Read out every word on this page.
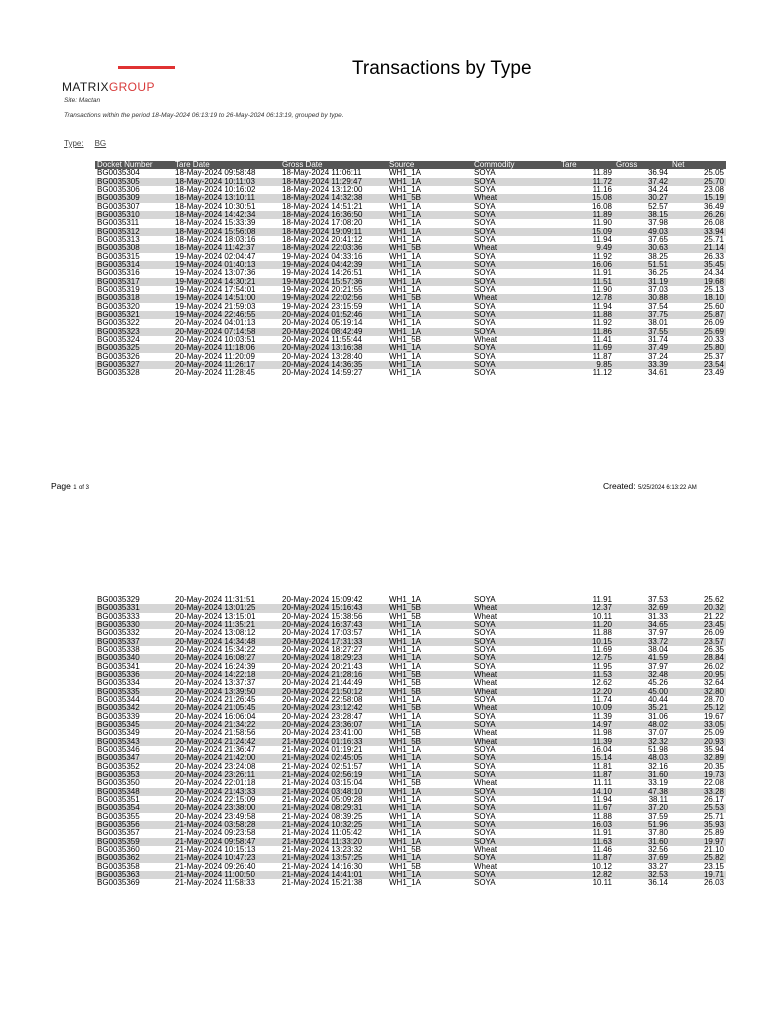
MATRIXGROUP
Transactions by Type
Site: Mactan
Transactions within the period 18-May-2024 06:13:19 to 26-May-2024 06:13:19, grouped by type.
Type: BG
Docket Number	Tare Date	Gross Date	Source	Commodity	Tare	Gross	Net
BG0035304	18-May-2024 09:58:48	18-May-2024 11:06:11	WH1_1A	SOYA	11.89	36.94	25.05
BG0035305	18-May-2024 10:11:03	18-May-2024 11:29:47	WH1_1A	SOYA	11.72	37.42	25.70
BG0035306	18-May-2024 10:16:02	18-May-2024 13:12:00	WH1_1A	SOYA	11.16	34.24	23.08
BG0035309	18-May-2024 13:10:11	18-May-2024 14:32:38	WH1_5B	Wheat	15.08	30.27	15.19
BG0035307	18-May-2024 10:30:51	18-May-2024 14:51:21	WH1_1A	SOYA	16.08	52.57	36.49
BG0035310	18-May-2024 14:42:34	18-May-2024 16:36:50	WH1_1A	SOYA	11.89	38.15	26.26
BG0035311	18-May-2024 15:33:39	18-May-2024 17:08:20	WH1_1A	SOYA	11.90	37.98	26.08
BG0035312	18-May-2024 15:56:08	18-May-2024 19:09:11	WH1_1A	SOYA	15.09	49.03	33.94
BG0035313	18-May-2024 18:03:16	18-May-2024 20:41:12	WH1_1A	SOYA	11.94	37.65	25.71
BG0035308	18-May-2024 11:42:37	18-May-2024 22:03:36	WH1_5B	Wheat	9.49	30.63	21.14
BG0035315	19-May-2024 02:04:47	19-May-2024 04:33:16	WH1_1A	SOYA	11.92	38.25	26.33
BG0035314	19-May-2024 01:40:13	19-May-2024 04:42:39	WH1_1A	SOYA	16.06	51.51	35.45
BG0035316	19-May-2024 13:07:36	19-May-2024 14:26:51	WH1_1A	SOYA	11.91	36.25	24.34
BG0035317	19-May-2024 14:30:21	19-May-2024 15:57:36	WH1_1A	SOYA	11.51	31.19	19.68
BG0035319	19-May-2024 17:54:01	19-May-2024 20:21:55	WH1_1A	SOYA	11.90	37.03	25.13
BG0035318	19-May-2024 14:51:00	19-May-2024 22:02:56	WH1_5B	Wheat	12.78	30.88	18.10
BG0035320	19-May-2024 21:59:03	19-May-2024 23:15:59	WH1_1A	SOYA	11.94	37.54	25.60
BG0035321	19-May-2024 22:46:55	20-May-2024 01:52:46	WH1_1A	SOYA	11.88	37.75	25.87
BG0035322	20-May-2024 04:01:13	20-May-2024 05:19:14	WH1_1A	SOYA	11.92	38.01	26.09
BG0035323	20-May-2024 07:14:58	20-May-2024 08:42:49	WH1_1A	SOYA	11.86	37.55	25.69
BG0035324	20-May-2024 10:03:51	20-May-2024 11:55:44	WH1_5B	Wheat	11.41	31.74	20.33
BG0035325	20-May-2024 11:18:06	20-May-2024 13:16:38	WH1_1A	SOYA	11.69	37.49	25.80
BG0035326	20-May-2024 11:20:09	20-May-2024 13:28:40	WH1_1A	SOYA	11.87	37.24	25.37
BG0035327	20-May-2024 11:26:17	20-May-2024 14:36:35	WH1_1A	SOYA	9.85	33.39	23.54
BG0035328	20-May-2024 11:28:45	20-May-2024 14:59:27	WH1_1A	SOYA	11.12	34.61	23.49
Page 1 of 3	Created: 5/25/2024 6:13:22 AM
BG0035329	20-May-2024 11:31:51	20-May-2024 15:09:42	WH1_1A	SOYA	11.91	37.53	25.62
BG0035331	20-May-2024 13:01:25	20-May-2024 15:16:43	WH1_5B	Wheat	12.37	32.69	20.32
BG0035333	20-May-2024 13:15:01	20-May-2024 15:38:56	WH1_5B	Wheat	10.11	31.33	21.22
BG0035330	20-May-2024 11:35:21	20-May-2024 16:37:43	WH1_1A	SOYA	11.20	34.65	23.45
BG0035332	20-May-2024 13:08:12	20-May-2024 17:03:57	WH1_1A	SOYA	11.88	37.97	26.09
BG0035337	20-May-2024 14:34:48	20-May-2024 17:31:33	WH1_1A	SOYA	10.15	33.72	23.57
BG0035338	20-May-2024 15:34:22	20-May-2024 18:27:27	WH1_1A	SOYA	11.69	38.04	26.35
BG0035340	20-May-2024 16:08:27	20-May-2024 18:29:23	WH1_1A	SOYA	12.75	41.59	28.84
BG0035341	20-May-2024 16:24:39	20-May-2024 20:21:43	WH1_1A	SOYA	11.95	37.97	26.02
BG0035336	20-May-2024 14:22:18	20-May-2024 21:28:16	WH1_5B	Wheat	11.53	32.48	20.95
BG0035334	20-May-2024 13:37:37	20-May-2024 21:44:49	WH1_5B	Wheat	12.62	45.26	32.64
BG0035335	20-May-2024 13:39:50	20-May-2024 21:50:12	WH1_5B	Wheat	12.20	45.00	32.80
BG0035344	20-May-2024 21:26:45	20-May-2024 22:58:08	WH1_1A	SOYA	11.74	40.44	28.70
BG0035342	20-May-2024 21:05:45	20-May-2024 23:12:42	WH1_5B	Wheat	10.09	35.21	25.12
BG0035339	20-May-2024 16:06:04	20-May-2024 23:28:47	WH1_1A	SOYA	11.39	31.06	19.67
BG0035345	20-May-2024 21:34:22	20-May-2024 23:36:07	WH1_1A	SOYA	14.97	48.02	33.05
BG0035349	20-May-2024 21:58:56	20-May-2024 23:41:00	WH1_5B	Wheat	11.98	37.07	25.09
BG0035343	20-May-2024 21:24:42	21-May-2024 01:16:33	WH1_5B	Wheat	11.39	32.32	20.93
BG0035346	20-May-2024 21:36:47	21-May-2024 01:19:21	WH1_1A	SOYA	16.04	51.98	35.94
BG0035347	20-May-2024 21:42:00	21-May-2024 02:45:05	WH1_1A	SOYA	15.14	48.03	32.89
BG0035352	20-May-2024 23:24:08	21-May-2024 02:51:57	WH1_1A	SOYA	11.81	32.16	20.35
BG0035353	20-May-2024 23:26:11	21-May-2024 02:56:19	WH1_1A	SOYA	11.87	31.60	19.73
BG0035350	20-May-2024 22:01:18	21-May-2024 03:15:04	WH1_5B	Wheat	11.11	33.19	22.08
BG0035348	20-May-2024 21:43:33	21-May-2024 03:48:10	WH1_1A	SOYA	14.10	47.38	33.28
BG0035351	20-May-2024 22:15:09	21-May-2024 05:09:28	WH1_1A	SOYA	11.94	38.11	26.17
BG0035354	20-May-2024 23:38:00	21-May-2024 08:29:31	WH1_1A	SOYA	11.67	37.20	25.53
BG0035355	20-May-2024 23:49:58	21-May-2024 08:39:25	WH1_1A	SOYA	11.88	37.59	25.71
BG0035356	21-May-2024 03:58:28	21-May-2024 10:32:25	WH1_1A	SOYA	16.03	51.96	35.93
BG0035357	21-May-2024 09:23:58	21-May-2024 11:05:42	WH1_1A	SOYA	11.91	37.80	25.89
BG0035359	21-May-2024 09:58:47	21-May-2024 11:33:20	WH1_1A	SOYA	11.63	31.60	19.97
BG0035360	21-May-2024 10:15:13	21-May-2024 13:23:32	WH1_5B	Wheat	11.46	32.56	21.10
BG0035362	21-May-2024 10:47:23	21-May-2024 13:57:25	WH1_1A	SOYA	11.87	37.69	25.82
BG0035358	21-May-2024 09:26:40	21-May-2024 14:16:30	WH1_5B	Wheat	10.12	33.27	23.15
BG0035363	21-May-2024 11:00:50	21-May-2024 14:41:01	WH1_1A	SOYA	12.82	32.53	19.71
BG0035369	21-May-2024 11:58:33	21-May-2024 15:21:38	WH1_1A	SOYA	10.11	36.14	26.03
